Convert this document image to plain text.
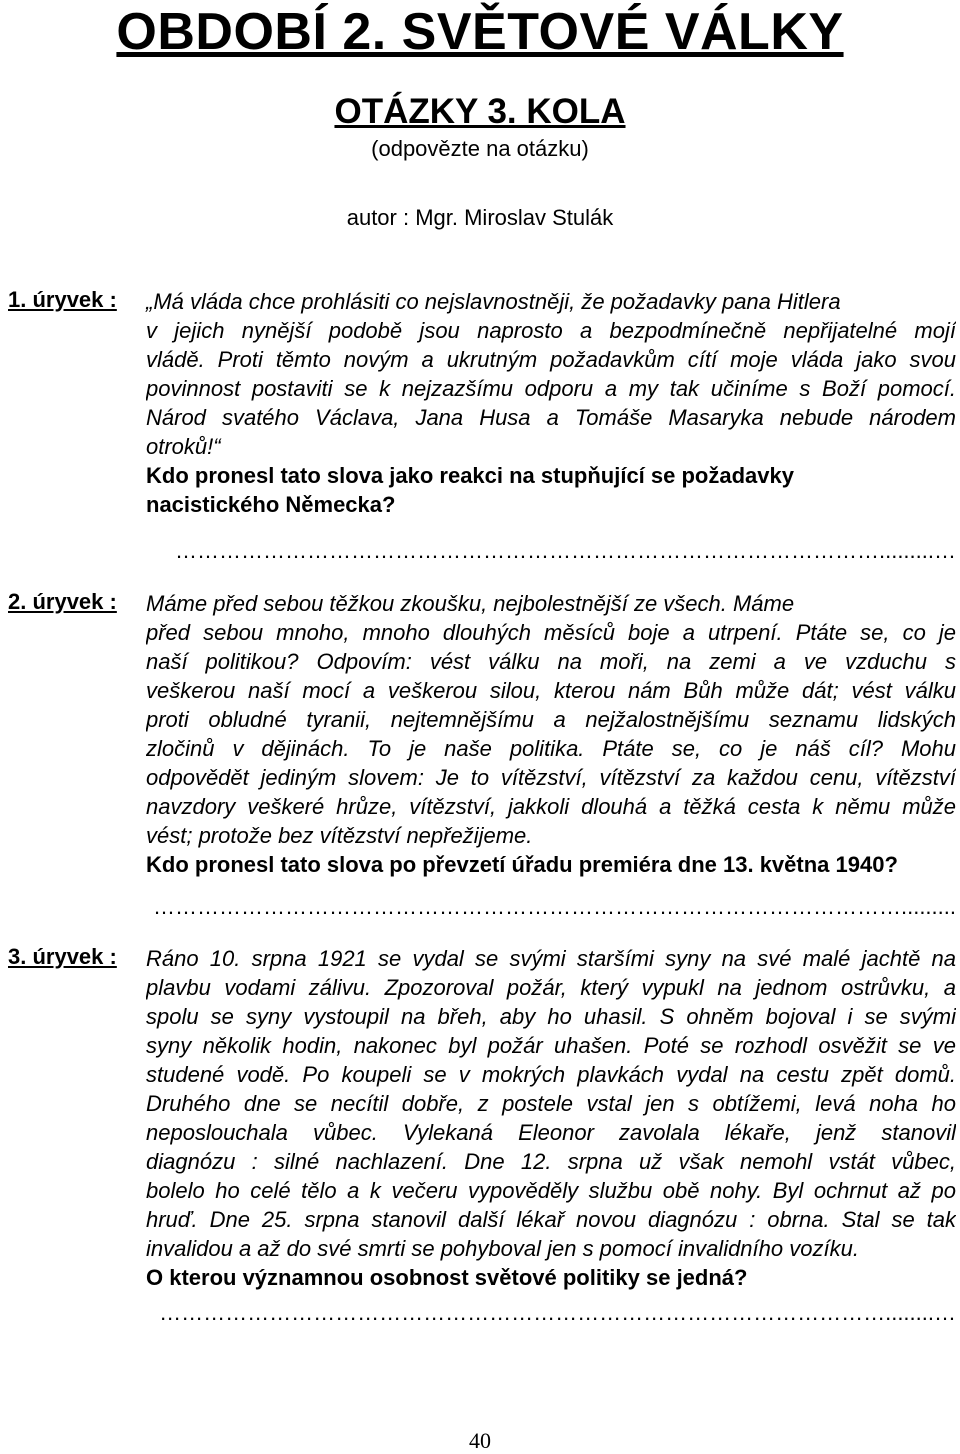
OBDOBÍ 2. SVĚTOVÉ VÁLKY
OTÁZKY 3. KOLA
(odpovězte na otázku)
autor : Mgr. Miroslav Stulák
1. úryvek : „Má vláda chce prohlásiti co nejslavnostněji, že požadavky pana Hitlera
v jejich nynější podobě jsou naprosto a bezpodmínečně nepřijatelné mojí
vládě. Proti těmto novým a ukrutným požadavkům cítí moje vláda jako svou
povinnost postaviti se k nejzazšímu odporu a my tak učiníme s Boží pomocí.
Národ svatého Václava, Jana Husa a Tomáše Masaryka nebude národem
otroků!“
Kdo pronesl tato slova jako reakci na stupňující se požadavky
nacistického Německa?
…………………………………………………………………………………….........…
2. úryvek : Máme před sebou těžkou zkoušku, nejbolestnější ze všech. Máme
před sebou mnoho, mnoho dlouhých měsíců boje a utrpení. Ptáte se, co je
naší politikou? Odpovím: vést válku na moři, na zemi a ve vzduchu s
veškerou naší mocí a veškerou silou, kterou nám Bůh může dát; vést válku
proti obludné tyranii, nejtemnějšímu a nejžalostnějšímu seznamu lidských
zločinů v dějinách. To je naše politika. Ptáte se, co je náš cíl? Mohu
odpovědět jediným slovem: Je to vítězství, vítězství za každou cenu, vítězství
navzdory veškeré hrůze, vítězství, jakkoli dlouhá a těžká cesta k němu může
vést; protože bez vítězství nepřežijeme.
Kdo pronesl tato slova po převzetí úřadu premiéra dne 13. května 1940?
………………………………………………………………………………………….........
3. úryvek : Ráno 10. srpna 1921 se vydal se svými staršími syny na své malé jachtě na
plavbu vodami zálivu. Zpozoroval požár, který vypukl na jednom ostrůvku, a
spolu se syny vystoupil na břeh, aby ho uhasil. S ohněm bojoval i se svými
syny několik hodin, nakonec byl požár uhašen. Poté se rozhodl osvěžit se ve
studené vodě. Po koupeli se v mokrých plavkách vydal na cestu zpět domů.
Druhého dne se necítil dobře, z postele vstal jen s obtížemi, levá noha ho
neposlouchala vůbec. Vylekaná Eleonor zavolala lékaře, jenž stanovil
diagnózu : silné nachlazení. Dne 12. srpna už však nemohl vstát vůbec,
bolelo ho celé tělo a k večeru vypověděly službu obě nohy. Byl ochrnut až po
hruď. Dne 25. srpna stanovil další lékař novou diagnózu : obrna. Stal se tak
invalidou a až do své smrti se pohyboval jen s pomocí invalidního vozíku.
O kterou významnou osobnost světové politiky se jedná?
………………………………………………………………………………………........…
40
